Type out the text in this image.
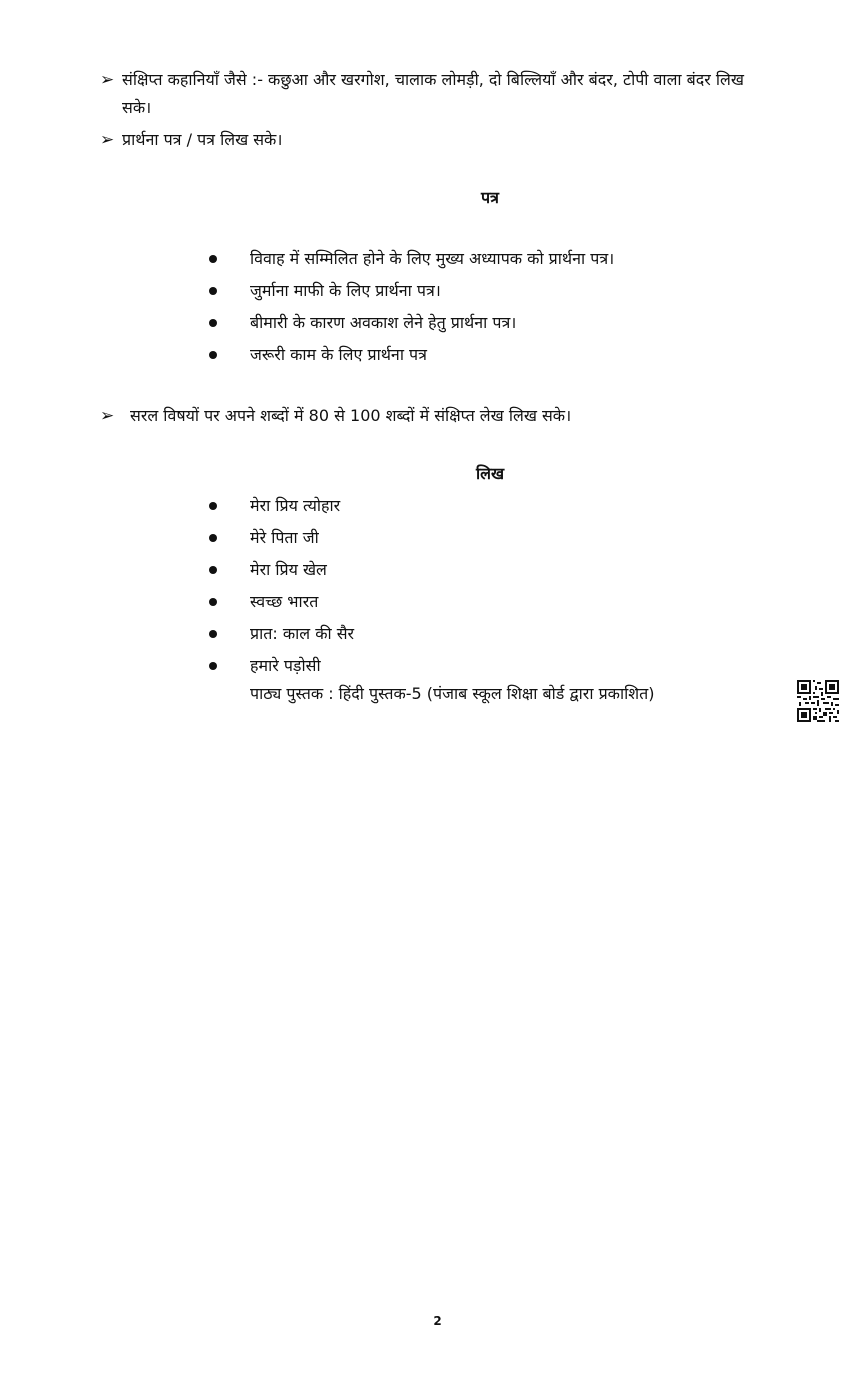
➢ संक्षिप्त कहानियाँ जैसे :- कछुआ और खरगोश, चालाक लोमड़ी, दो बिल्लियाँ और बंदर, टोपी वाला बंदर लिख सके।
➢ प्रार्थना पत्र / पत्र लिख सके।
पत्र
विवाह में सम्मिलित होने के लिए मुख्य अध्यापक को प्रार्थना पत्र।
जुर्माना माफी के लिए प्रार्थना पत्र।
बीमारी के कारण अवकाश लेने हेतु प्रार्थना पत्र।
जरूरी काम के लिए प्रार्थना पत्र
➢ सरल विषयों पर अपने शब्दों में 80 से 100 शब्दों में संक्षिप्त लेख लिख सके।
लिख
मेरा प्रिय त्योहार
मेरे पिता जी
मेरा प्रिय खेल
स्वच्छ भारत
प्रात: काल की सैर
हमारे पड़ोसी
पाठ्य पुस्तक : हिंदी पुस्तक-5 (पंजाब स्कूल शिक्षा बोर्ड द्वारा प्रकाशित)
2
